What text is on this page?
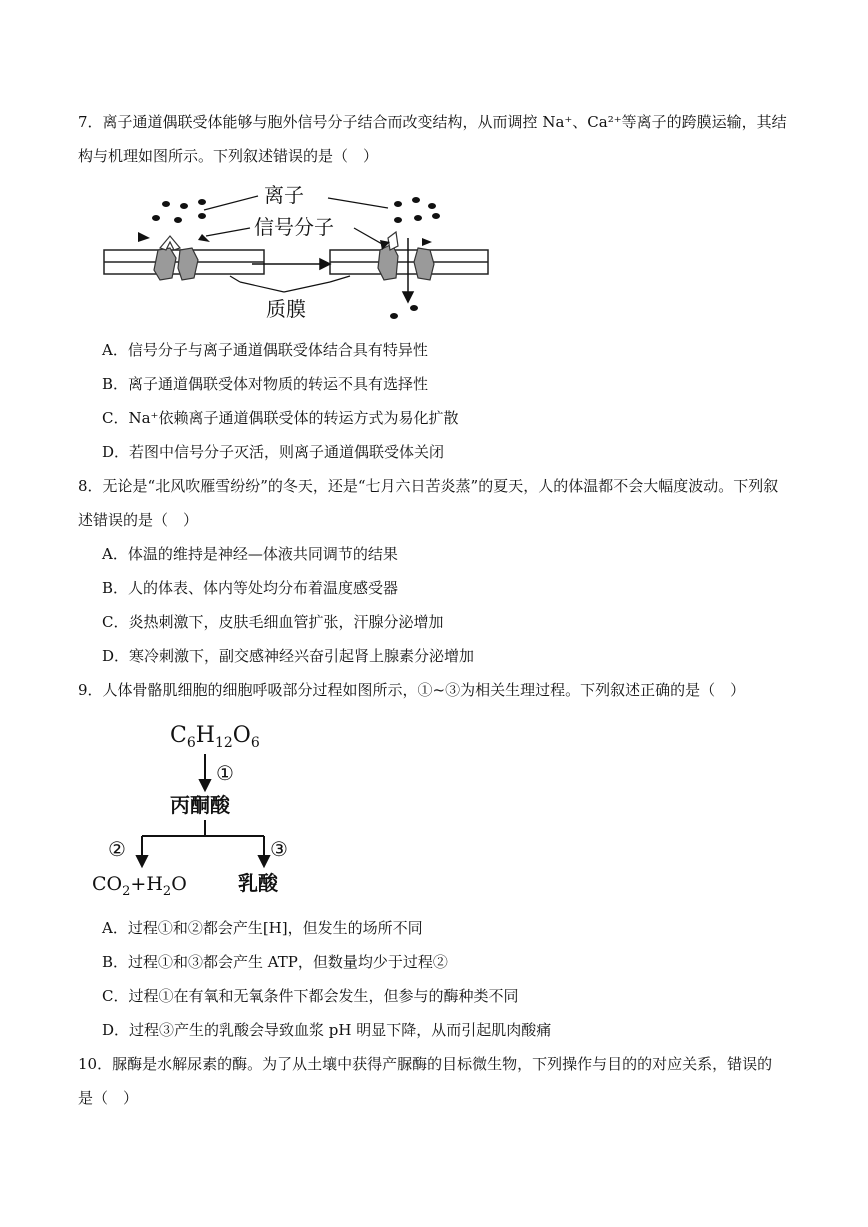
7．离子通道偶联受体能够与胞外信号分子结合而改变结构，从而调控 Na⁺、Ca²⁺等离子的跨膜运输，其结
构与机理如图所示。下列叙述错误的是（　）
离子
信号分子
质膜
A．信号分子与离子通道偶联受体结合具有特异性
B．离子通道偶联受体对物质的转运不具有选择性
C．Na⁺依赖离子通道偶联受体的转运方式为易化扩散
D．若图中信号分子灭活，则离子通道偶联受体关闭
8．无论是“北风吹雁雪纷纷”的冬天，还是“七月六日苦炎蒸”的夏天，人的体温都不会大幅度波动。下列叙
述错误的是（　）
A．体温的维持是神经—体液共同调节的结果
B．人的体表、体内等处均分布着温度感受器
C．炎热刺激下，皮肤毛细血管扩张，汗腺分泌增加
D．寒冷刺激下，副交感神经兴奋引起肾上腺素分泌增加
9．人体骨骼肌细胞的细胞呼吸部分过程如图所示，①~③为相关生理过程。下列叙述正确的是（　）
$C_6H_{12}O_6$
①
丙酮酸
②	③
$CO_2+H_2O$	乳酸
A．过程①和②都会产生[H]，但发生的场所不同
B．过程①和③都会产生 ATP，但数量均少于过程②
C．过程①在有氧和无氧条件下都会发生，但参与的酶种类不同
D．过程③产生的乳酸会导致血浆 pH 明显下降，从而引起肌肉酸痛
10．脲酶是水解尿素的酶。为了从土壤中获得产脲酶的目标微生物，下列操作与目的的对应关系，错误的
是（　）
